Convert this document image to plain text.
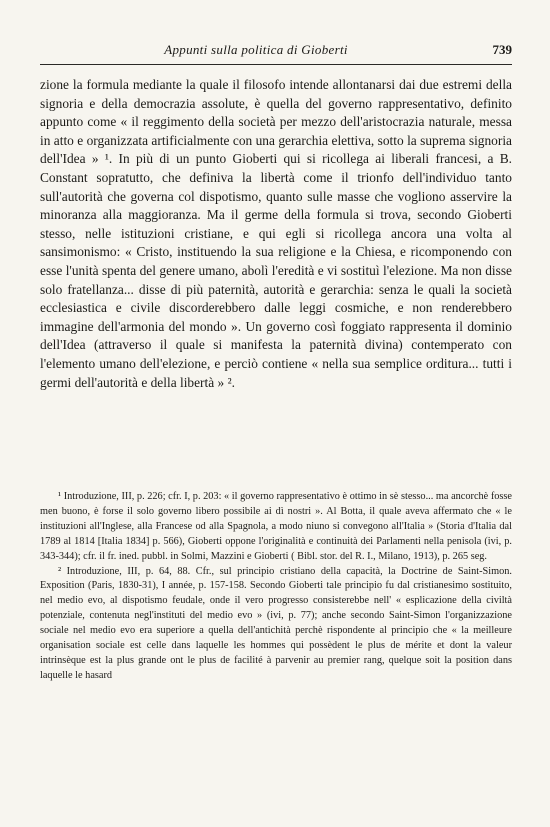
Appunti sulla politica di Gioberti	739

zione la formula mediante la quale il filosofo intende allontanarsi dai due estremi della signoria e della democrazia assolute, è quella del governo rappresentativo, definito appunto come « il reggimento della società per mezzo dell'aristocrazia naturale, messa in atto e organizzata artificialmente con una gerarchia elettiva, sotto la suprema signoria dell'Idea » ¹. In più di un punto Gioberti qui si ricollega ai liberali francesi, a B. Constant sopratutto, che definiva la libertà come il trionfo dell'individuo tanto sull'autorità che governa col dispotismo, quanto sulle masse che vogliono asservire la minoranza alla maggioranza. Ma il germe della formula si trova, secondo Gioberti stesso, nelle istituzioni cristiane, e qui egli si ricollega ancora una volta al sansimonismo: « Cristo, instituendo la sua religione e la Chiesa, e ricomponendo con esse l'unità spenta del genere umano, abolì l'eredità e vi sostituì l'elezione. Ma non disse solo fratellanza... disse di più paternità, autorità e gerarchia: senza le quali la società ecclesiastica e civile discorderebbero dalle leggi cosmiche, e non renderebbero immagine dell'armonia del mondo ». Un governo così foggiato rappresenta il dominio dell'Idea (attraverso il quale si manifesta la paternità divina) contemperato con l'elemento umano dell'elezione, e perciò contiene « nella sua semplice orditura... tutti i germi dell'autorità e della libertà » ².

¹ Introduzione, III, p. 226; cfr. I, p. 203: « il governo rappresentativo è ottimo in sè stesso... ma ancorchè fosse men buono, è forse il solo governo libero possibile ai dì nostri ». Al Botta, il quale aveva affermato che « le instituzioni all'Inglese, alla Francese od alla Spagnola, a modo niuno si convegono all'Italia » (Storia d'Italia dal 1789 al 1814 [Italia 1834] p. 566), Gioberti oppone l'originalità e continuità dei Parlamenti nella penisola (ivi, p. 343-344); cfr. il fr. ined. pubbl. in Solmi, Mazzini e Gioberti ( Bibl. stor. del R. I., Milano, 1913), p. 265 seg.

² Introduzione, III, p. 64, 88. Cfr., sul principio cristiano della capacità, la Doctrine de Saint-Simon. Exposition (Paris, 1830-31), I année, p. 157-158. Secondo Gioberti tale principio fu dal cristianesimo sostituito, nel medio evo, al dispotismo feudale, onde il vero progresso consisterebbe nell' « esplicazione della civiltà potenziale, contenuta negl'instituti del medio evo » (ivi, p. 77); anche secondo Saint-Simon l'organizzazione sociale nel medio evo era superiore a quella dell'antichità perchè rispondente al principio che « la meilleure organisation sociale est celle dans laquelle les hommes qui possèdent le plus de mérite et dont la valeur intrinsèque est la plus grande ont le plus de facilité à parvenir au premier rang, quelque soit la position dans laquelle le hasard
